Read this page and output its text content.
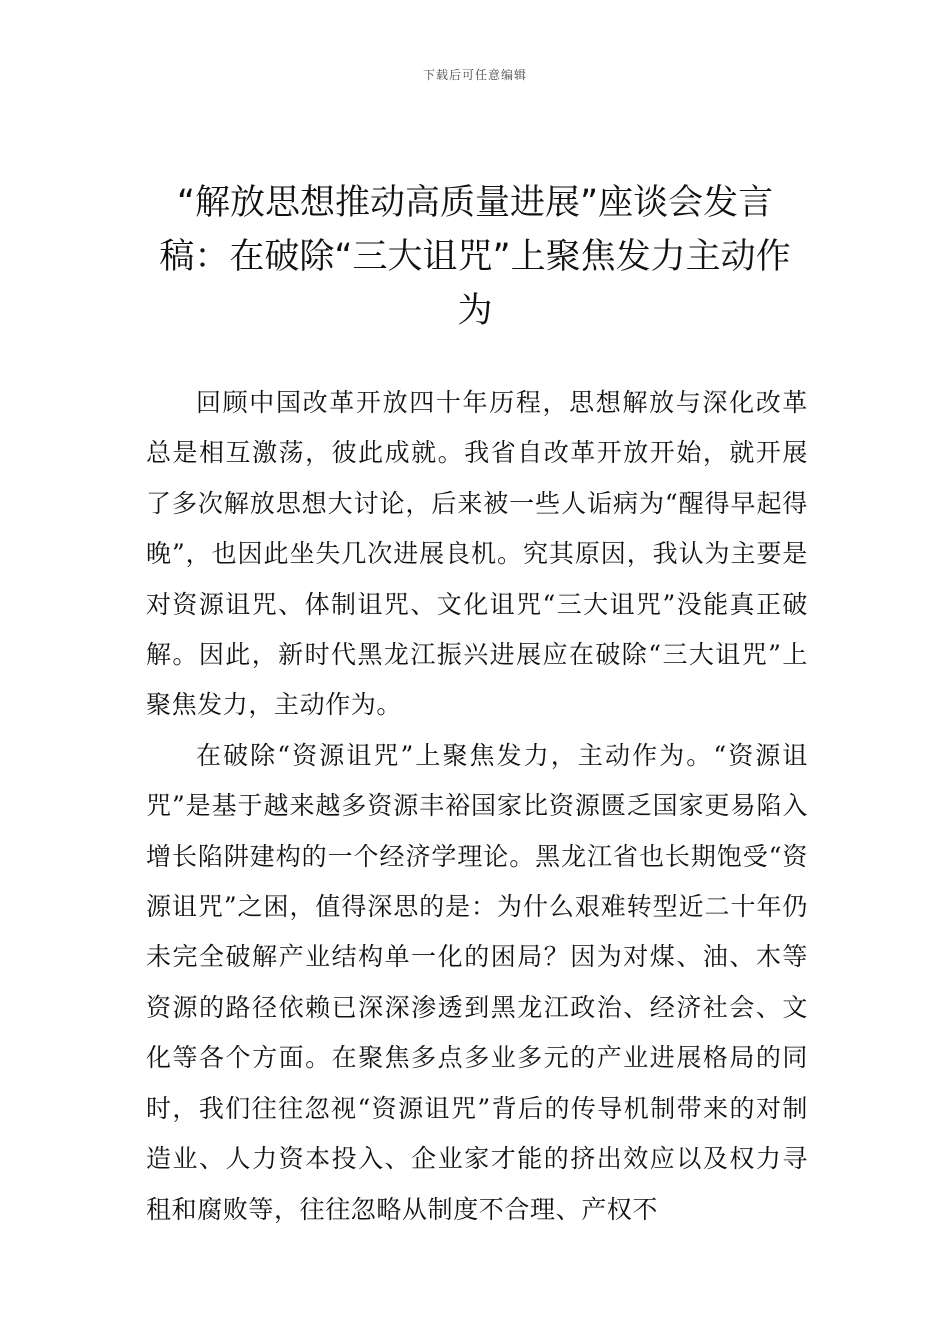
下载后可任意编辑
“解放思想推动高质量进展”座谈会发言稿：在破除“三大诅咒”上聚焦发力主动作为

回顾中国改革开放四十年历程，思想解放与深化改革总是相互激荡，彼此成就。我省自改革开放开始，就开展了多次解放思想大讨论，后来被一些人诟病为“醒得早起得晚”，也因此坐失几次进展良机。究其原因，我认为主要是对资源诅咒、体制诅咒、文化诅咒“三大诅咒”没能真正破解。因此，新时代黑龙江振兴进展应在破除“三大诅咒”上聚焦发力，主动作为。

在破除“资源诅咒”上聚焦发力，主动作为。“资源诅咒”是基于越来越多资源丰裕国家比资源匮乏国家更易陷入增长陷阱建构的一个经济学理论。黑龙江省也长期饱受“资源诅咒”之困，值得深思的是：为什么艰难转型近二十年仍未完全破解产业结构单一化的困局？因为对煤、油、木等资源的路径依赖已深深渗透到黑龙江政治、经济社会、文化等各个方面。在聚焦多点多业多元的产业进展格局的同时，我们往往忽视“资源诅咒”背后的传导机制带来的对制造业、人力资本投入、企业家才能的挤出效应以及权力寻租和腐败等，往往忽略从制度不合理、产权不
